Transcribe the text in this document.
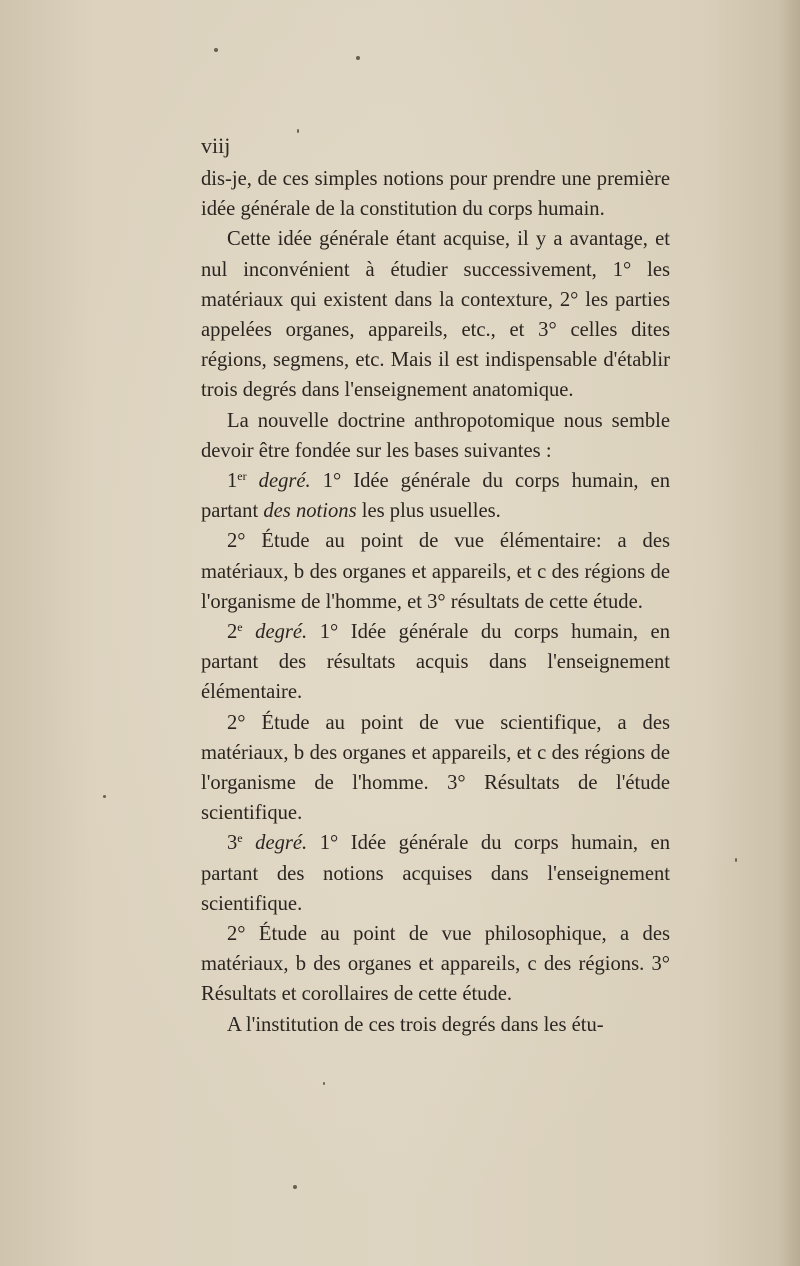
viij

dis-je, de ces simples notions pour prendre une première idée générale de la constitution du corps humain.

Cette idée générale étant acquise, il y a avantage, et nul inconvénient à étudier successivement, 1° les matériaux qui existent dans la contexture, 2° les parties appelées organes, appareils, etc., et 3° celles dites régions, segmens, etc. Mais il est indispensable d'établir trois degrés dans l'enseignement anatomique.

La nouvelle doctrine anthropotomique nous semble devoir être fondée sur les bases suivantes :

1er degré. 1° Idée générale du corps humain, en partant des notions les plus usuelles.

2° Étude au point de vue élémentaire: a des matériaux, b des organes et appareils, et c des régions de l'organisme de l'homme, et 3° résultats de cette étude.

2e degré. 1° Idée générale du corps humain, en partant des résultats acquis dans l'enseignement élémentaire.

2° Étude au point de vue scientifique, a des matériaux, b des organes et appareils, et c des régions de l'organisme de l'homme. 3° Résultats de l'étude scientifique.

3e degré. 1° Idée générale du corps humain, en partant des notions acquises dans l'enseignement scientifique.

2° Étude au point de vue philosophique, a des matériaux, b des organes et appareils, c des régions. 3° Résultats et corollaires de cette étude.

A l'institution de ces trois degrés dans les étu-
